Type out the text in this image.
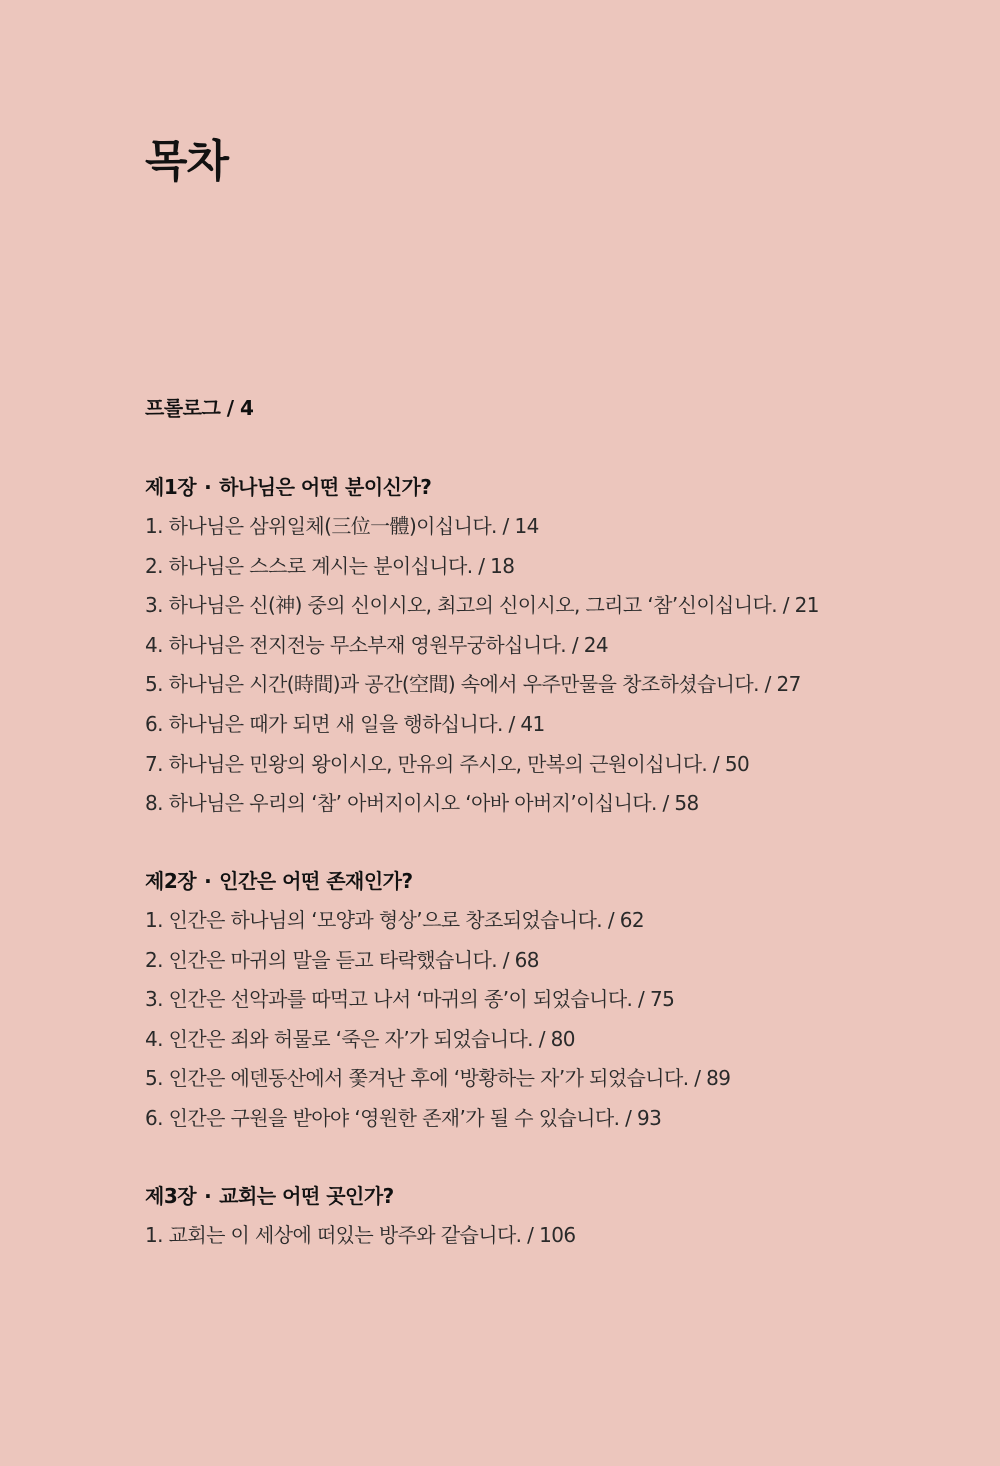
목차
프롤로그 / 4
제1장 · 하나님은 어떤 분이신가?
1. 하나님은 삼위일체(三位一體)이십니다. / 14
2. 하나님은 스스로 계시는 분이십니다. / 18
3. 하나님은 신(神) 중의 신이시오, 최고의 신이시오, 그리고 ‘참’신이십니다. / 21
4. 하나님은 전지전능 무소부재 영원무궁하십니다. / 24
5. 하나님은 시간(時間)과 공간(空間) 속에서 우주만물을 창조하셨습니다. / 27
6. 하나님은 때가 되면 새 일을 행하십니다. / 41
7. 하나님은 민왕의 왕이시오, 만유의 주시오, 만복의 근원이십니다. / 50
8. 하나님은 우리의 ‘참’ 아버지이시오 ‘아바 아버지’이십니다. / 58
제2장 · 인간은 어떤 존재인가?
1. 인간은 하나님의 ‘모양과 형상’으로 창조되었습니다. / 62
2. 인간은 마귀의 말을 듣고 타락했습니다. / 68
3. 인간은 선악과를 따먹고 나서 ‘마귀의 종’이 되었습니다. / 75
4. 인간은 죄와 허물로 ‘죽은 자’가 되었습니다. / 80
5. 인간은 에덴동산에서 쫓겨난 후에 ‘방황하는 자’가 되었습니다. / 89
6. 인간은 구원을 받아야 ‘영원한 존재’가 될 수 있습니다. / 93
제3장 · 교회는 어떤 곳인가?
1. 교회는 이 세상에 떠있는 방주와 같습니다. / 106
